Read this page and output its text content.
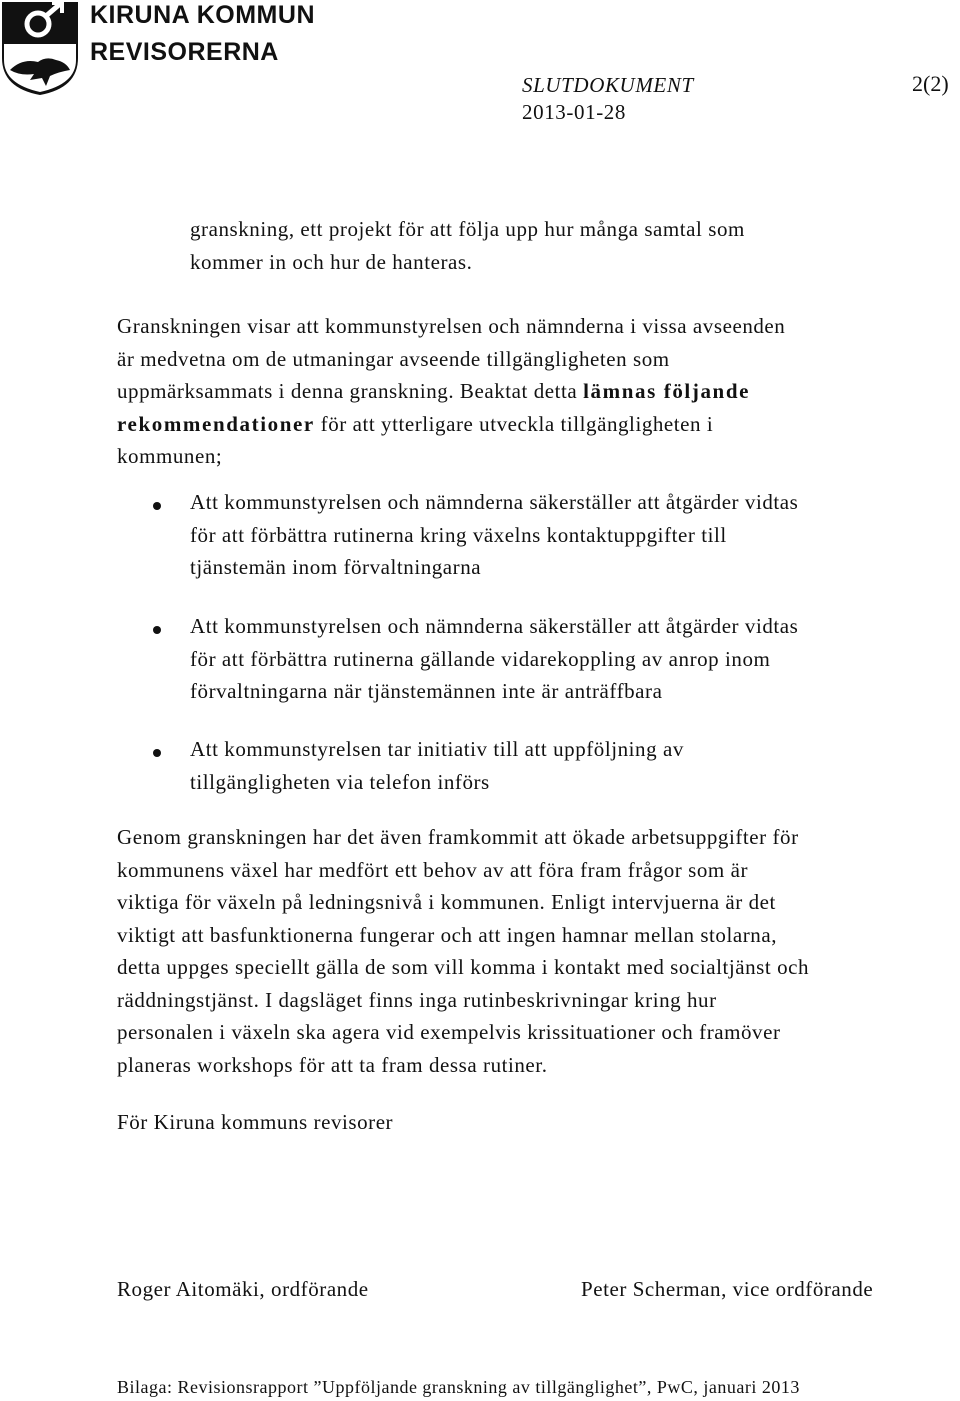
KIRUNA KOMMUN
REVISORERNA
SLUTDOKUMENT	2(2)
2013-01-28
granskning, ett projekt för att följa upp hur många samtal som
kommer in och hur de hanteras.
Granskningen visar att kommunstyrelsen och nämnderna i vissa avseenden
är medvetna om de utmaningar avseende tillgängligheten som
uppmärksammats i denna granskning. Beaktat detta lämnas följande
rekommendationer för att ytterligare utveckla tillgängligheten i
kommunen;
Att kommunstyrelsen och nämnderna säkerställer att åtgärder vidtas
för att förbättra rutinerna kring växelns kontaktuppgifter till
tjänstemän inom förvaltningarna
Att kommunstyrelsen och nämnderna säkerställer att åtgärder vidtas
för att förbättra rutinerna gällande vidarekoppling av anrop inom
förvaltningarna när tjänstemännen inte är anträffbara
Att kommunstyrelsen tar initiativ till att uppföljning av
tillgängligheten via telefon införs
Genom granskningen har det även framkommit att ökade arbetsuppgifter för
kommunens växel har medfört ett behov av att föra fram frågor som är
viktiga för växeln på ledningsnivå i kommunen. Enligt intervjuerna är det
viktigt att basfunktionerna fungerar och att ingen hamnar mellan stolarna,
detta uppges speciellt gälla de som vill komma i kontakt med socialtjänst och
räddningstjänst. I dagsläget finns inga rutinbeskrivningar kring hur
personalen i växeln ska agera vid exempelvis krissituationer och framöver
planeras workshops för att ta fram dessa rutiner.
För Kiruna kommuns revisorer
Roger Aitomäki, ordförande	Peter Scherman, vice ordförande
Bilaga: Revisionsrapport ”Uppföljande granskning av tillgänglighet”, PwC, januari 2013
